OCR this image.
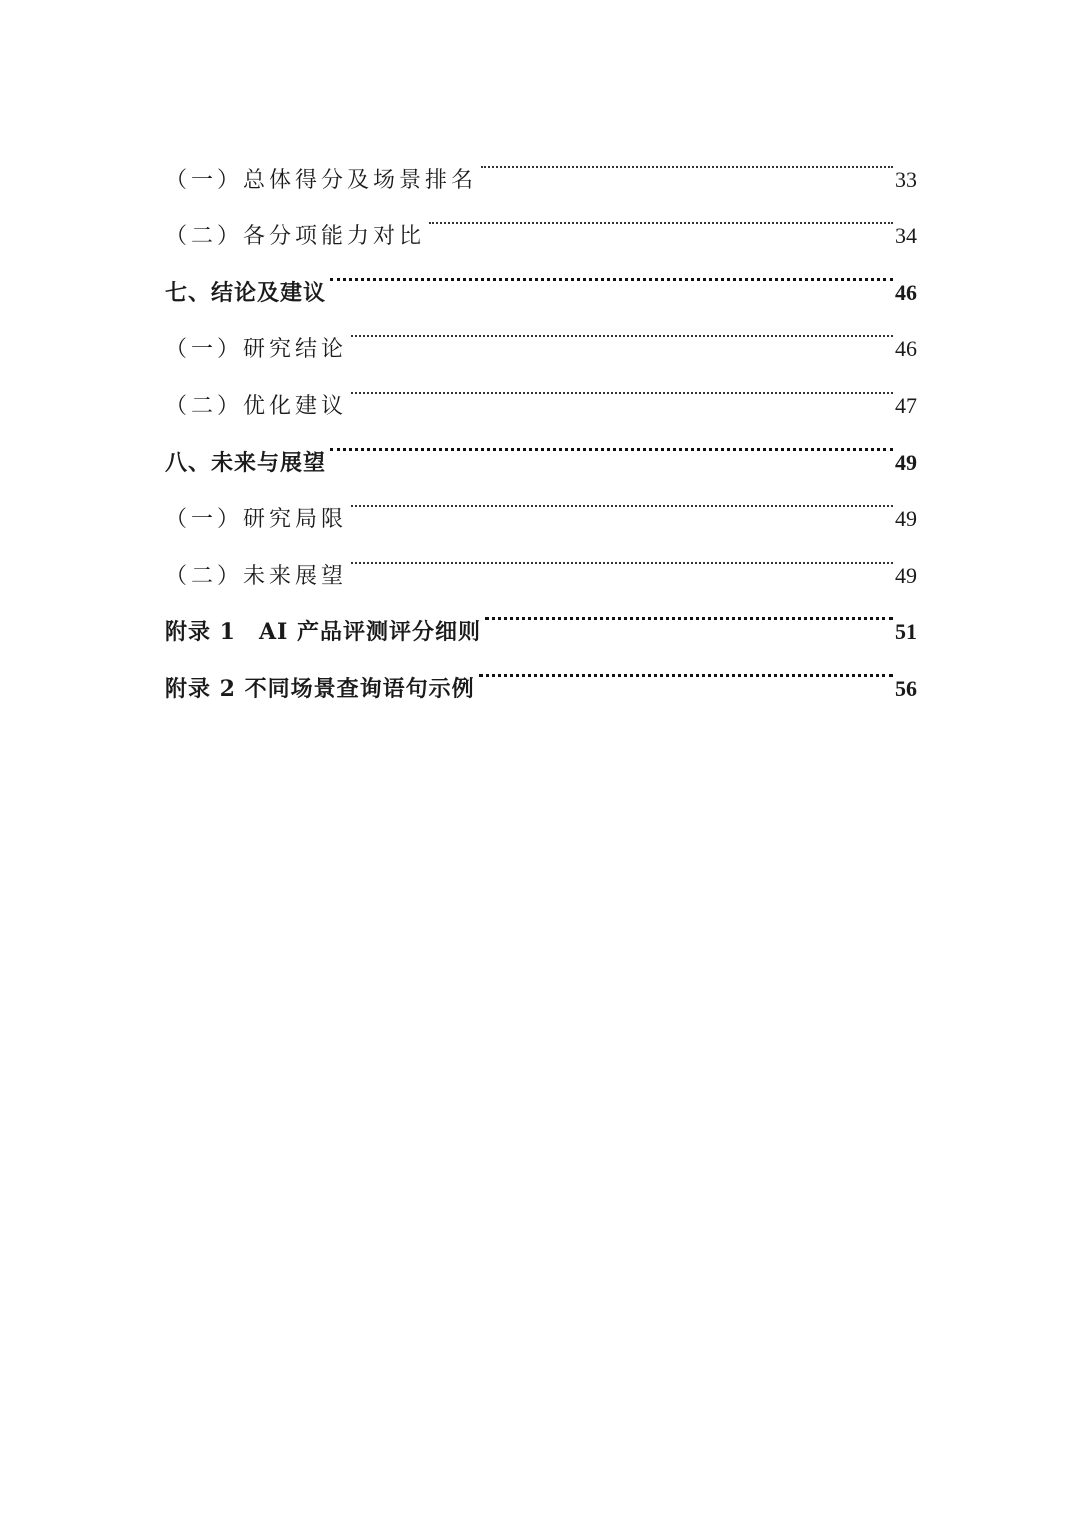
（一）总体得分及场景排名	33
（二）各分项能力对比	34
七、结论及建议	46
（一）研究结论	46
（二）优化建议	47
八、未来与展望	49
（一）研究局限	49
（二）未来展望	49
附录 1　AI 产品评测评分细则	51
附录 2 不同场景查询语句示例	56
